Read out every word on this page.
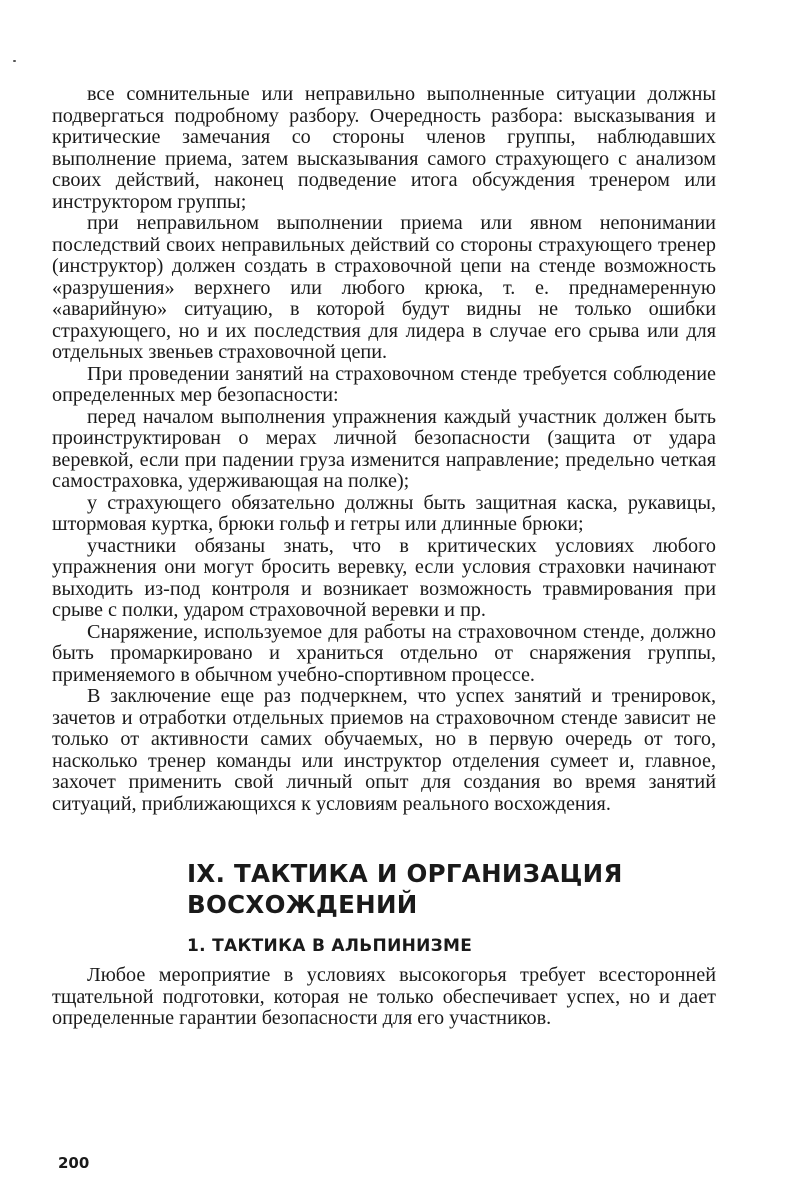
все сомнительные или неправильно выполненные ситуации должны подвергаться подробному разбору. Очередность разбора: высказывания и критические замечания со стороны членов группы, наблюдавших выполнение приема, затем высказывания самого страхующего с анализом своих действий, наконец подведение итога обсуждения тренером или инструктором группы;

при неправильном выполнении приема или явном непонимании последствий своих неправильных действий со стороны страхующего тренер (инструктор) должен создать в страховочной цепи на стенде возможность «разрушения» верхнего или любого крюка, т. е. преднамеренную «аварийную» ситуацию, в которой будут видны не только ошибки страхующего, но и их последствия для лидера в случае его срыва или для отдельных звеньев страховочной цепи.

При проведении занятий на страховочном стенде требуется соблюдение определенных мер безопасности:

перед началом выполнения упражнения каждый участник должен быть проинструктирован о мерах личной безопасности (защита от удара веревкой, если при падении груза изменится направление; предельно четкая самостраховка, удерживающая на полке);

у страхующего обязательно должны быть защитная каска, рукавицы, штормовая куртка, брюки гольф и гетры или длинные брюки;

участники обязаны знать, что в критических условиях любого упражнения они могут бросить веревку, если условия страховки начинают выходить из-под контроля и возникает возможность травмирования при срыве с полки, ударом страховочной веревки и пр.

Снаряжение, используемое для работы на страховочном стенде, должно быть промаркировано и храниться отдельно от снаряжения группы, применяемого в обычном учебно-спортивном процессе.

В заключение еще раз подчеркнем, что успех занятий и тренировок, зачетов и отработки отдельных приемов на страховочном стенде зависит не только от активности самих обучаемых, но в первую очередь от того, насколько тренер команды или инструктор отделения сумеет и, главное, захочет применить свой личный опыт для создания во время занятий ситуаций, приближающихся к условиям реального восхождения.

IX. ТАКТИКА И ОРГАНИЗАЦИЯ
ВОСХОЖДЕНИЙ
1. ТАКТИКА В АЛЬПИНИЗМЕ

Любое мероприятие в условиях высокогорья требует всесторонней тщательной подготовки, которая не только обеспечивает успех, но и дает определенные гарантии безопасности для его участников.

200
